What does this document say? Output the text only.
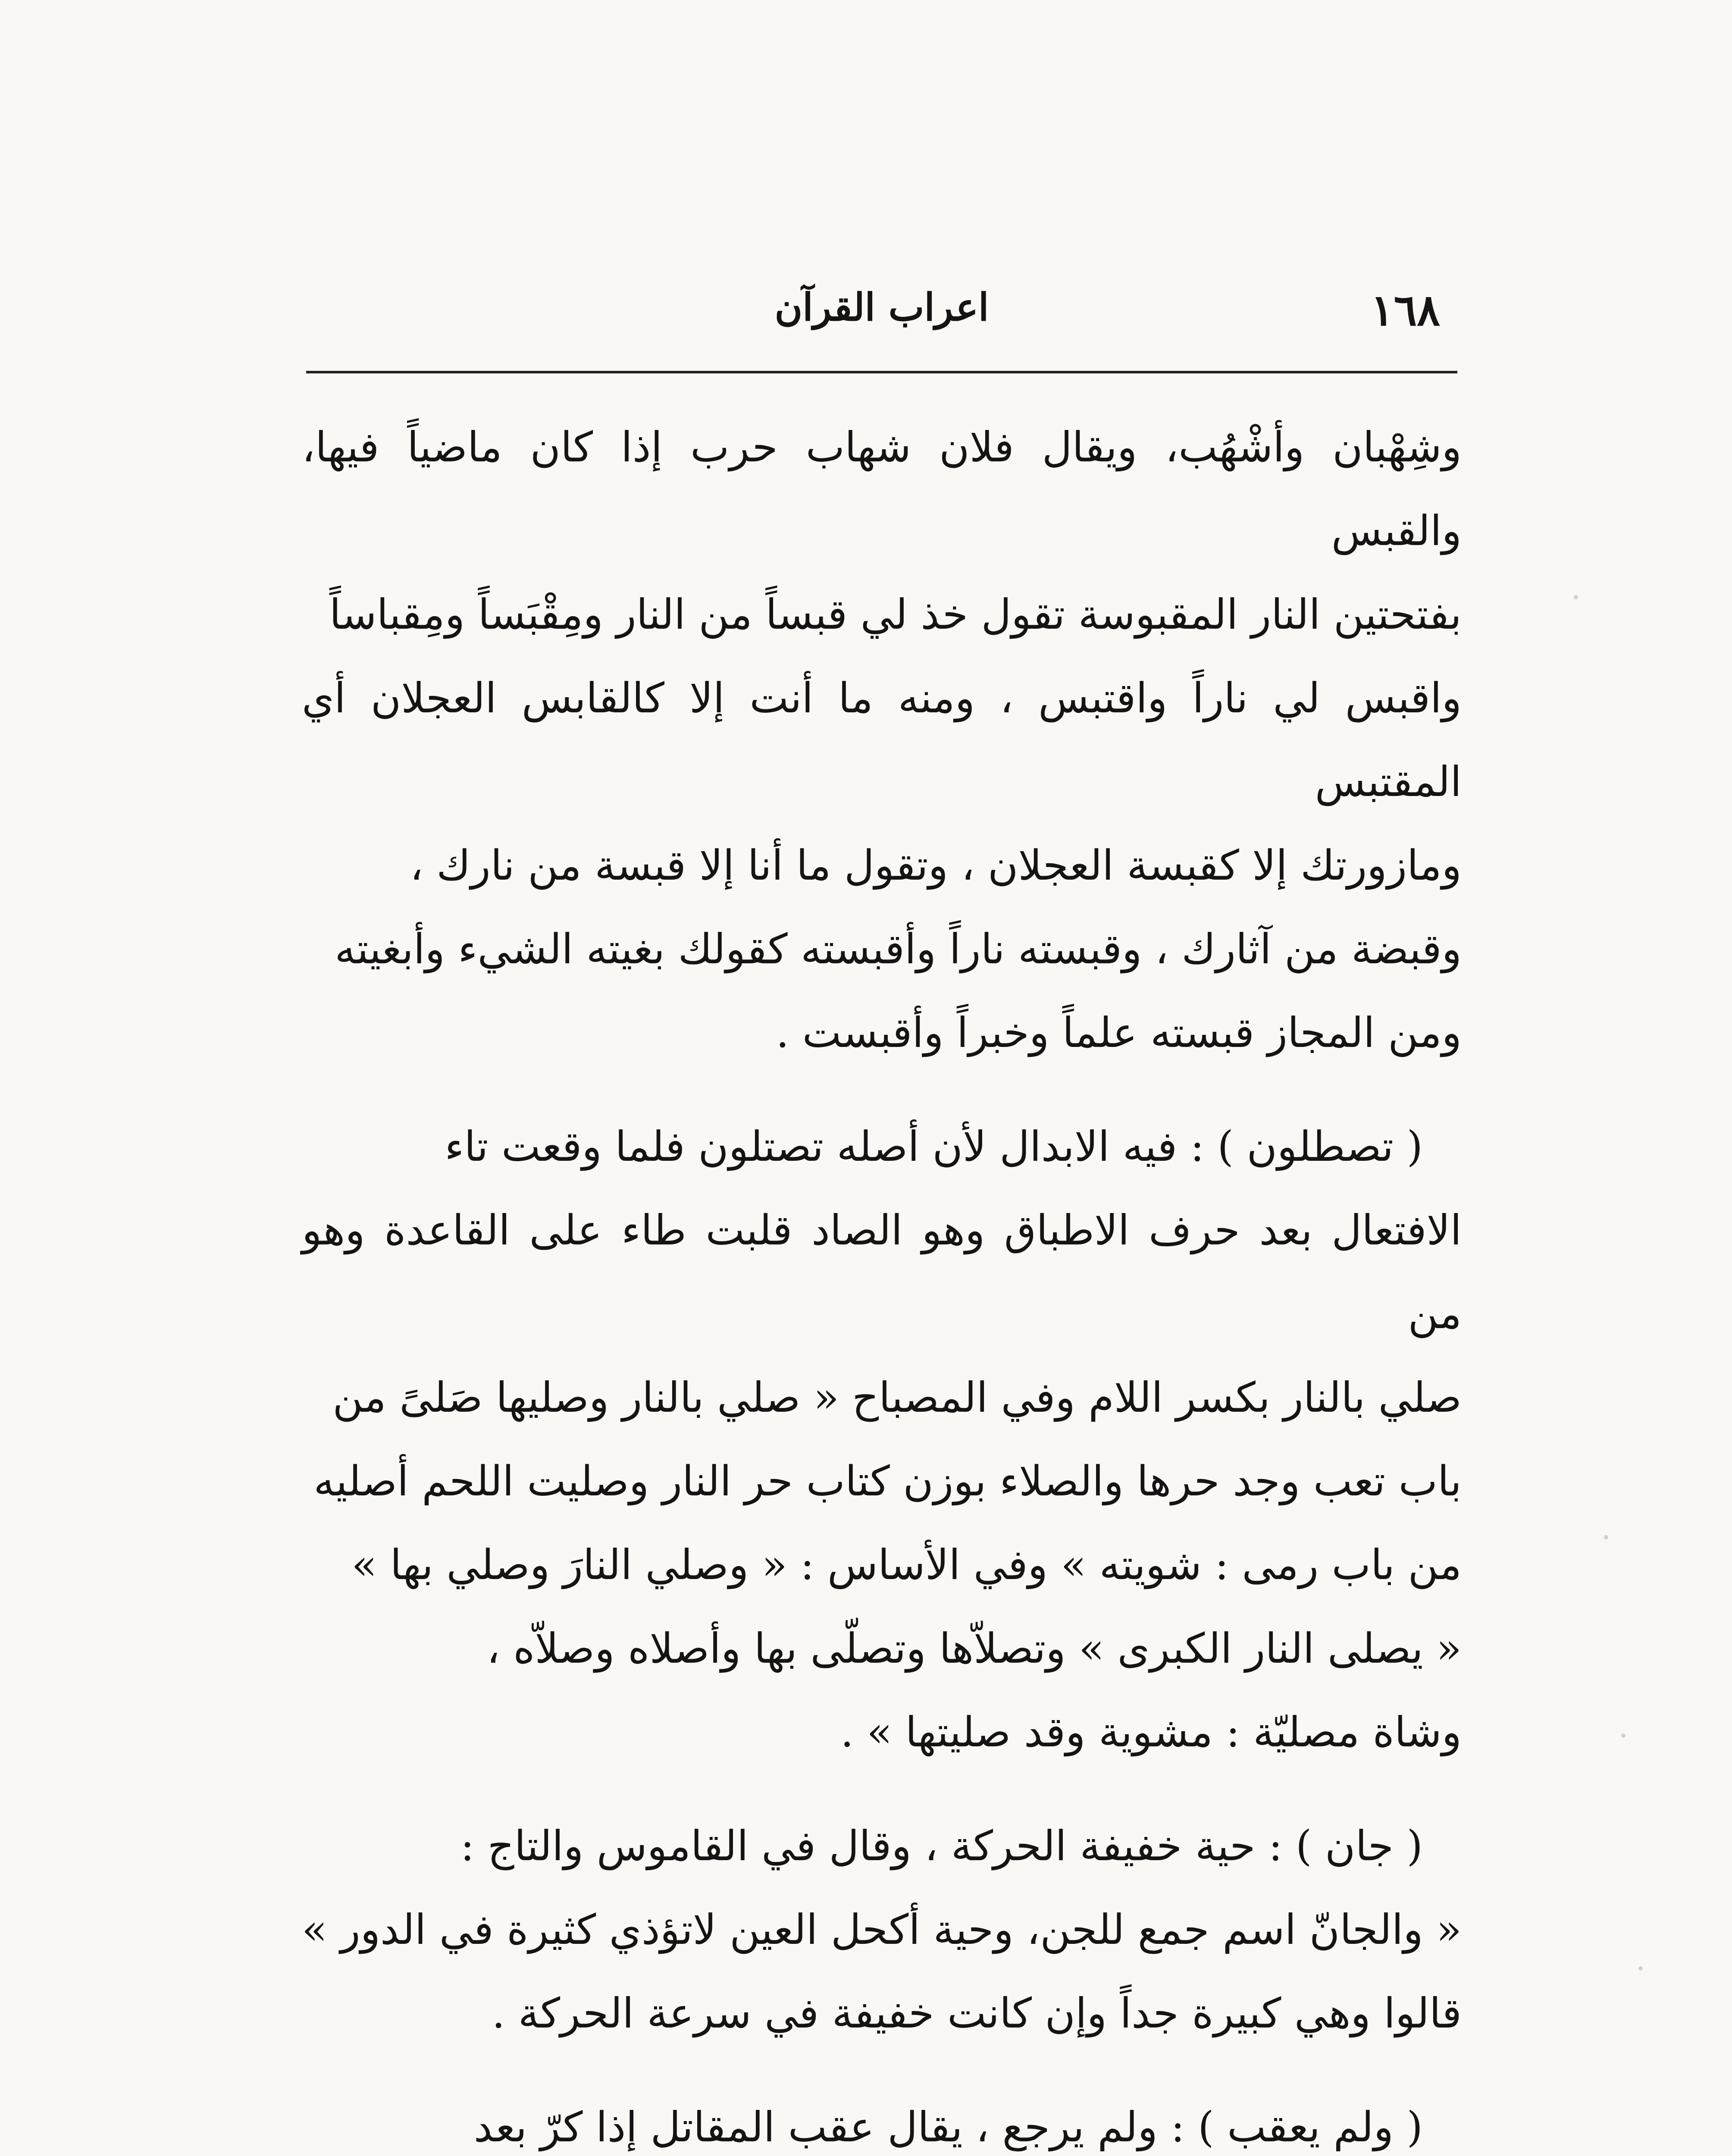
١٦٨
اعراب القرآن
وشِهْبان وأشْهُب، ويقال فلان شهاب حرب إذا كان ماضياً فيها، والقبس
بفتحتين النار المقبوسة تقول خذ لي قبساً من النار ومِقْبَساً ومِقباساً
واقبس لي ناراً واقتبس ، ومنه ما أنت إلا كالقابس العجلان أي المقتبس
ومازورتك إلا كقبسة العجلان ، وتقول ما أنا إلا قبسة من نارك ،
وقبضة من آثارك ، وقبسته ناراً وأقبسته كقولك بغيته الشيء وأبغيته
ومن المجاز قبسته علماً وخبراً وأقبست .
( تصطلون ) : فيه الابدال لأن أصله تصتلون فلما وقعت تاء
الافتعال بعد حرف الاطباق وهو الصاد قلبت طاء على القاعدة وهو من
صلي بالنار بكسر اللام وفي المصباح « صلي بالنار وصليها صَلىً من
باب تعب وجد حرها والصلاء بوزن كتاب حر النار وصليت اللحم أصليه
من باب رمى : شويته » وفي الأساس : « وصلي النارَ وصلي بها »
« يصلى النار الكبرى » وتصلاّها وتصلّى بها وأصلاه وصلاّه ،
وشاة مصليّة : مشوية وقد صليتها » .
( جان ) : حية خفيفة الحركة ، وقال في القاموس والتاج :
« والجانّ اسم جمع للجن، وحية أكحل العين لاتؤذي كثيرة في الدور »
قالوا وهي كبيرة جداً وإن كانت خفيفة في سرعة الحركة .
( ولم يعقب ) : ولم يرجع ، يقال عقب المقاتل إذا كرّ بعد
